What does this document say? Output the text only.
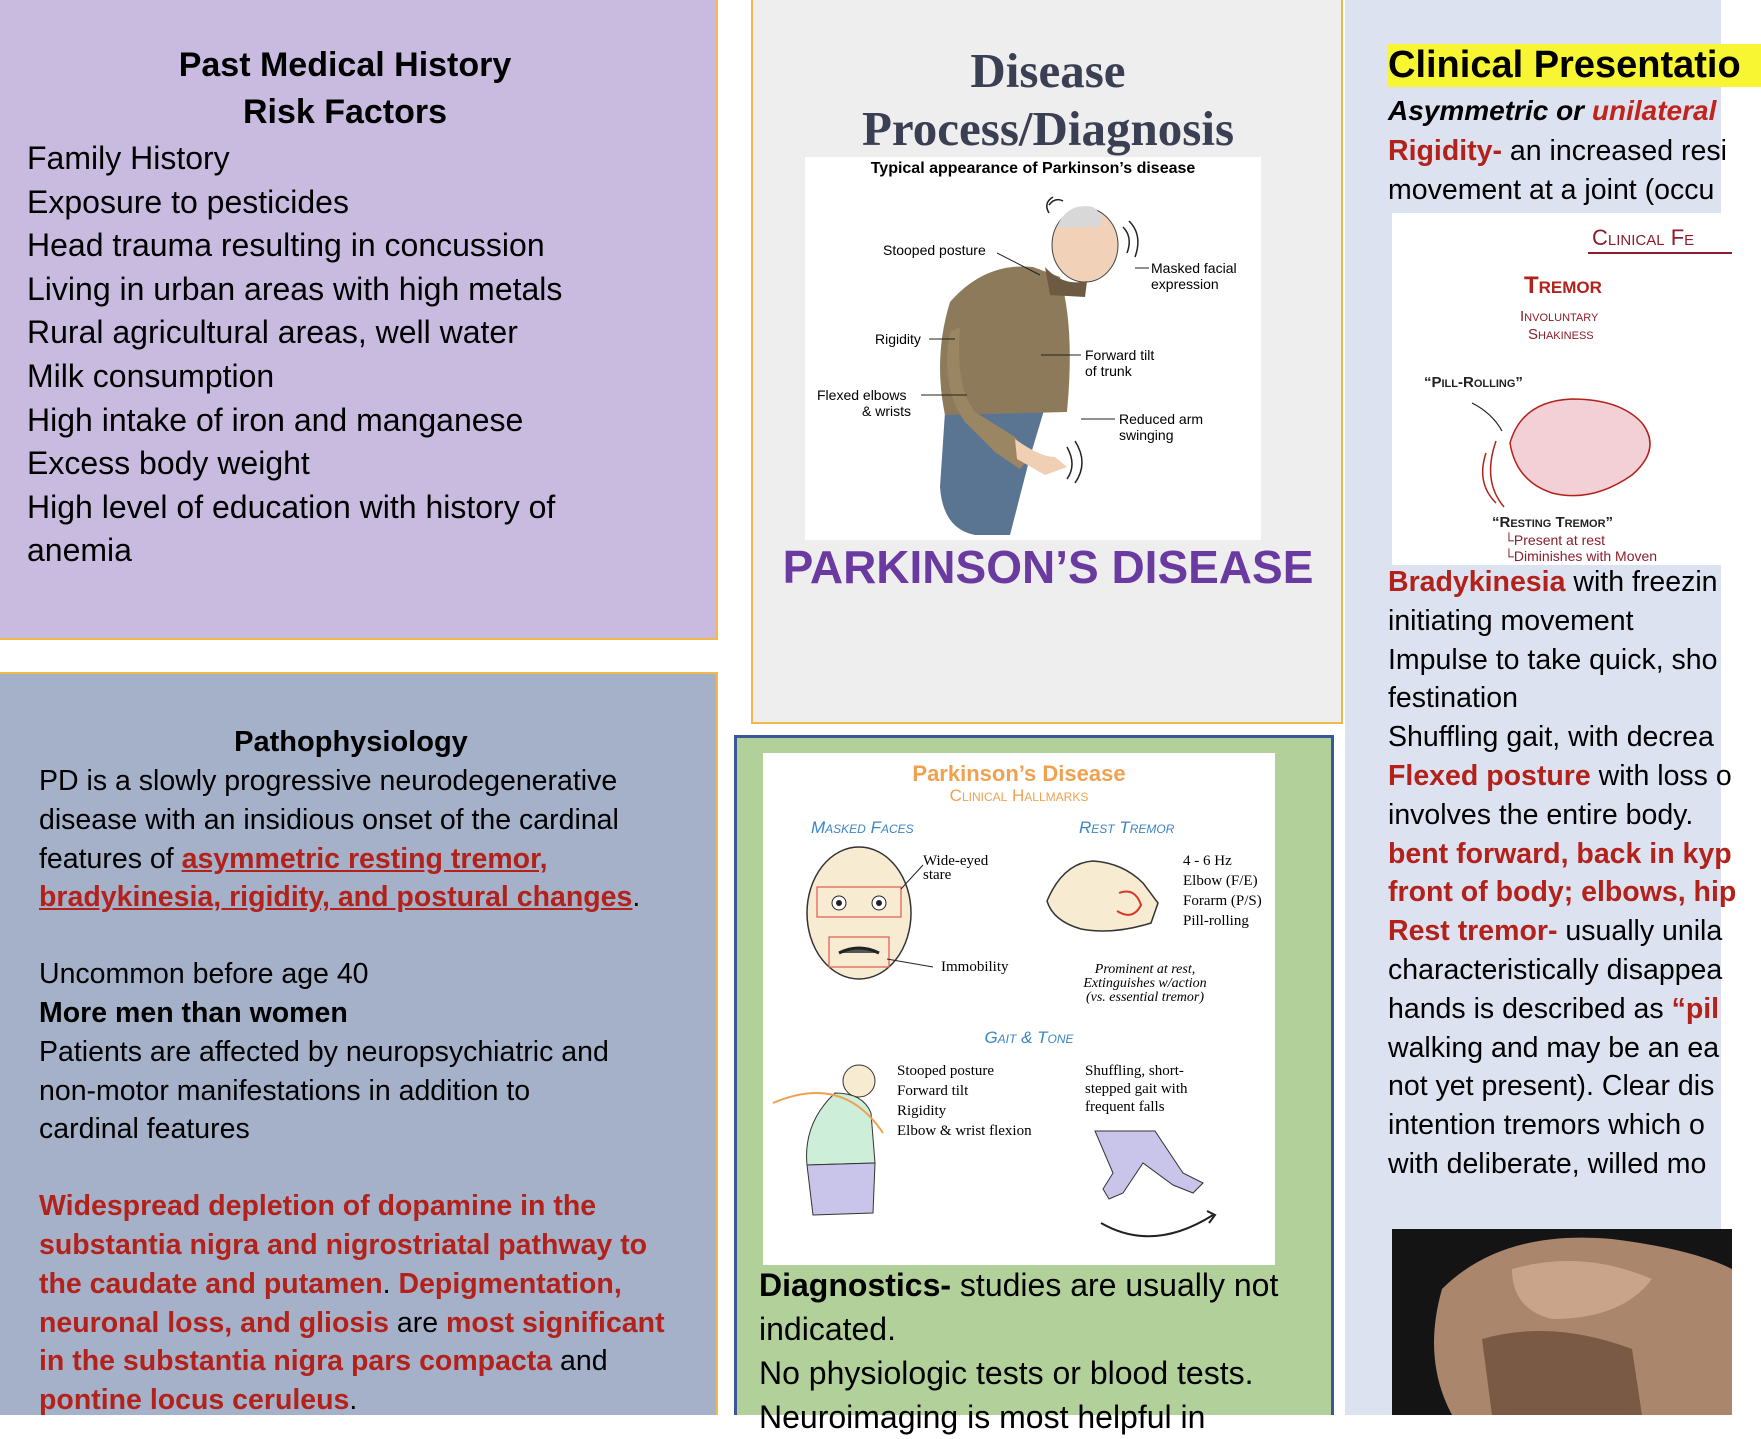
Past Medical History
Risk Factors
Family History
Exposure to pesticides
Head trauma resulting in concussion
Living in urban areas with high metals
Rural agricultural areas, well water
Milk consumption
High intake of iron and manganese
Excess body weight
High level of education with history of
anemia
Pathophysiology
PD is a slowly progressive neurodegenerative
disease with an insidious onset of the cardinal
features of asymmetric resting tremor,
bradykinesia, rigidity, and postural changes.
Uncommon before age 40
More men than women
Patients are affected by neuropsychiatric and
non-motor manifestations in addition to
cardinal features
Widespread depletion of dopamine in the
substantia nigra and nigrostriatal pathway to
the caudate and putamen. Depigmentation,
neuronal loss, and gliosis are most significant
in the substantia nigra pars compacta and
pontine locus ceruleus.
Disease
Process/Diagnosis
Typical appearance of Parkinson’s disease
Stooped posture
Masked facial
expression
Rigidity
Forward tilt
of trunk
Flexed elbows
& wrists	Reduced arm
swinging
PARKINSON’S DISEASE
Parkinson’s Disease
Clinical Hallmarks
Masked Faces	Rest Tremor
Wide-eyed
stare
Immobility
4 - 6 Hz
Elbow (F/E)
Forarm (P/S)
Pill-rolling
Prominent at rest,
Extinguishes w/action
(vs. essential tremor)
Gait & Tone
Stooped posture
Forward tilt
Rigidity
Elbow & wrist flexion
Shuffling, short-
stepped gait with
frequent falls
Diagnostics- studies are usually not
indicated.
No physiologic tests or blood tests.
Neuroimaging is most helpful in
Clinical Presentatio
Asymmetric or unilateral
Rigidity- an increased resi
movement at a joint (occu
Clinical Fe
Tremor
Involuntary
Shakiness
“Pill-Rolling”
“Resting Tremor”
└Present at rest
└Diminishes with Moven
Bradykinesia with freezin
initiating movement
Impulse to take quick, sho
festination
Shuffling gait, with decrea
Flexed posture with loss o
involves the entire body.
bent forward, back in kyp
front of body; elbows, hip
Rest tremor- usually unila
characteristically disappea
hands is described as “pil
walking and may be an ea
not yet present). Clear dis
intention tremors which o
with deliberate, willed mo
